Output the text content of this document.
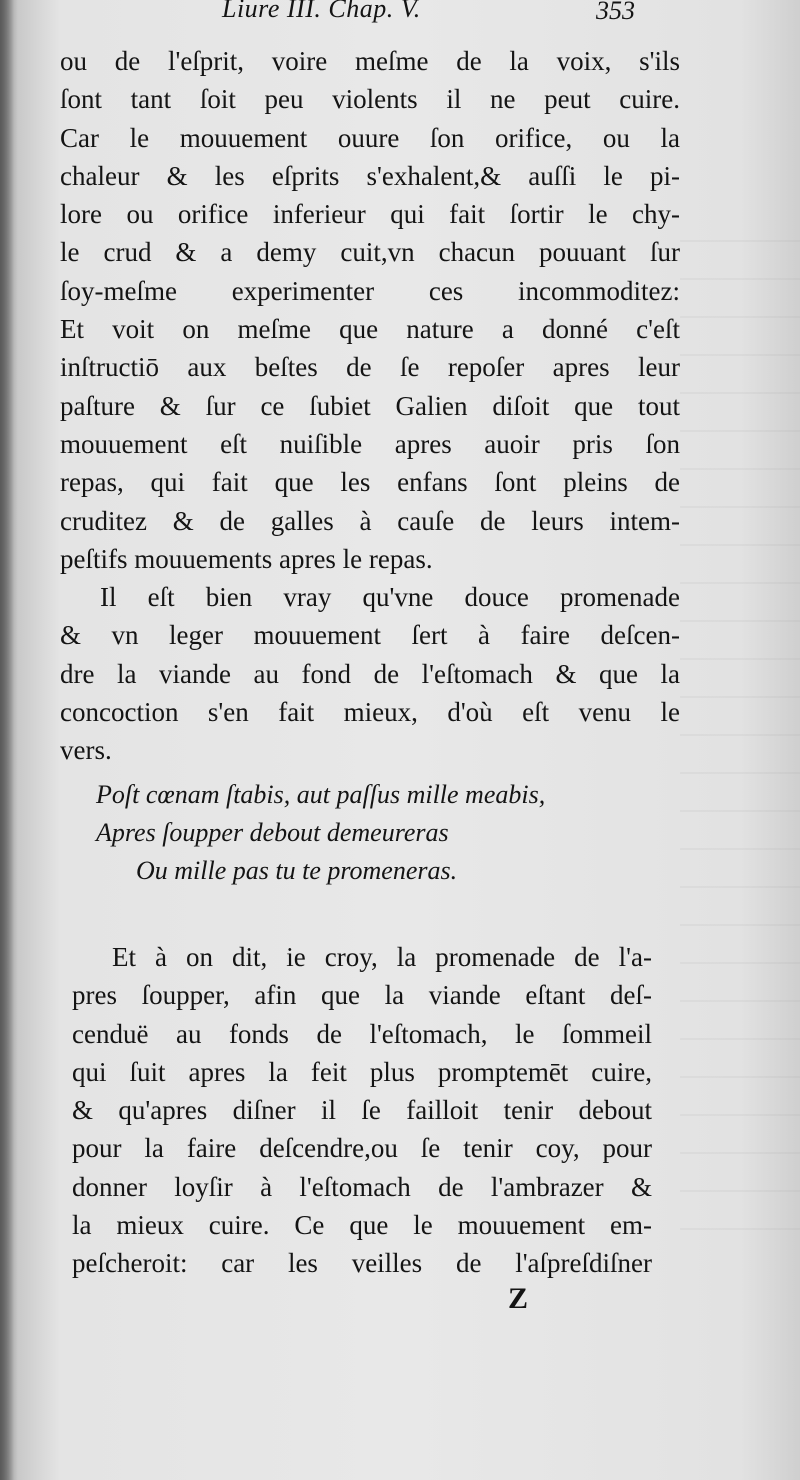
Liure III. Chap. V.	353
ou de l'eſprit, voire meſme de la voix, s'ils
ſont tant ſoit peu violents il ne peut cuire.
Car le mouuement ouure ſon orifice, ou la
chaleur & les eſprits s'exhalent,& auſſi le pi-
lore ou orifice inferieur qui fait ſortir le chy-
le crud & a demy cuit,vn chacun pouuant ſur
ſoy-meſme experimenter ces incommoditez:
Et voit on meſme que nature a donné c'eſt
inſtructiō aux beſtes de ſe repoſer apres leur
paſture & ſur ce ſubiet Galien diſoit que tout
mouuement eſt nuiſible apres auoir pris ſon
repas, qui fait que les enfans ſont pleins de
cruditez & de galles à cauſe de leurs intem-
peſtifs mouuements apres le repas.
Il eſt bien vray qu'vne douce promenade
& vn leger mouuement ſert à faire deſcen-
dre la viande au fond de l'eſtomach & que la
concoction s'en fait mieux, d'où eſt venu le
vers.
Poſt cœnam ſtabis, aut paſſus mille meabis,
Apres ſoupper debout demeureras
Ou mille pas tu te promeneras.
Et à on dit, ie croy, la promenade de l'a-
pres ſoupper, afin que la viande eſtant deſ-
cenduë au fonds de l'eſtomach, le ſommeil
qui ſuit apres la feit plus promptemēt cuire,
& qu'apres diſner il ſe failloit tenir debout
pour la faire deſcendre,ou ſe tenir coy, pour
donner loyſir à l'eſtomach de l'ambrazer &
la mieux cuire. Ce que le mouuement em-
peſcheroit: car les veilles de l'aſpreſdiſner
Z
